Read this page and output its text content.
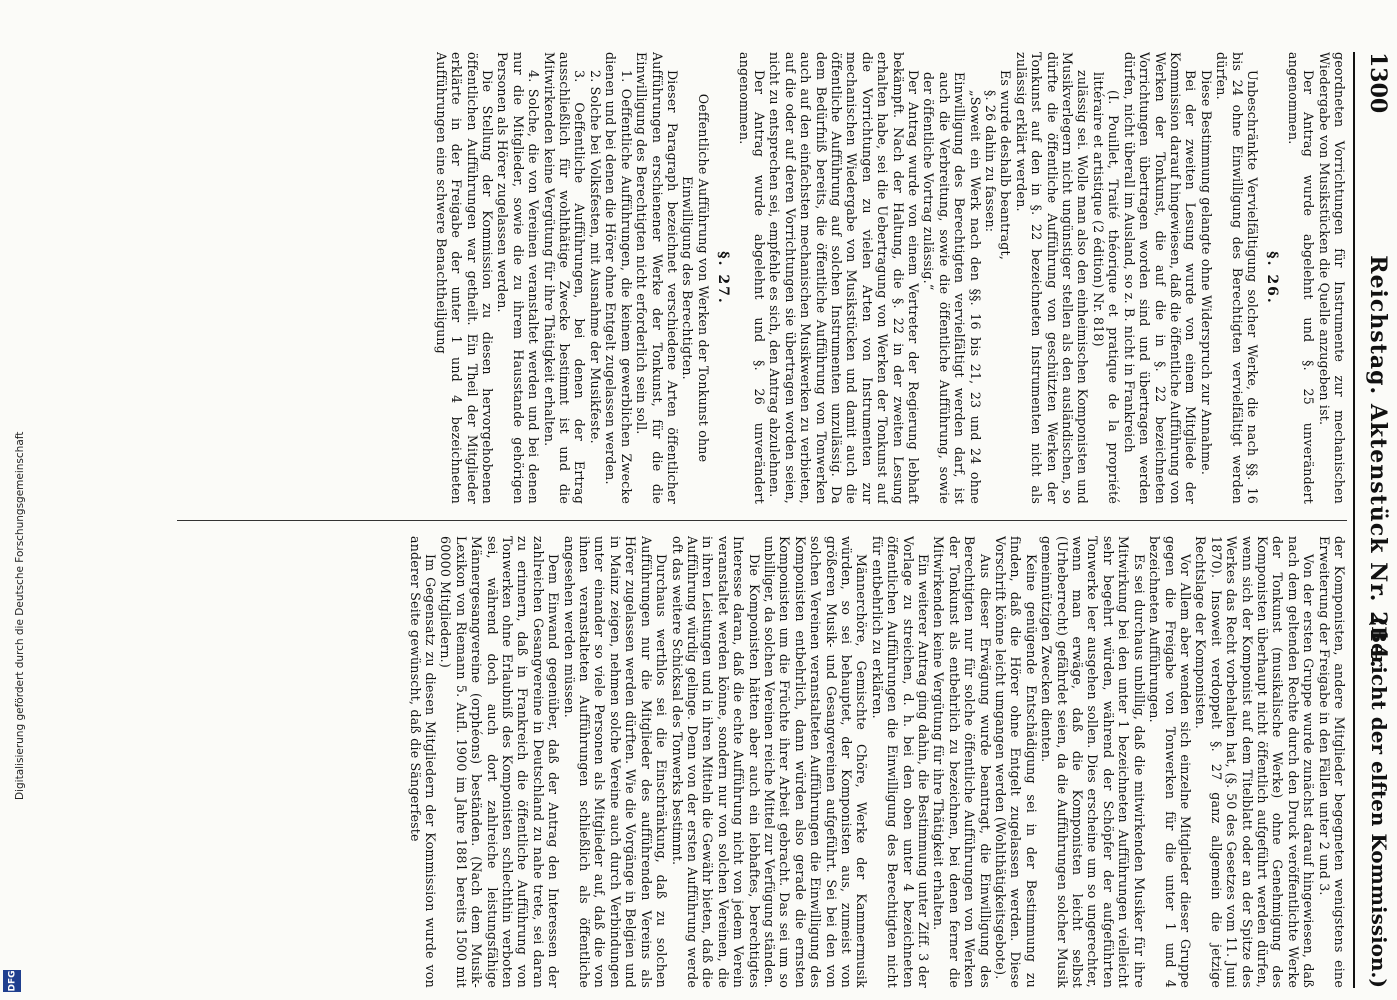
1300
Reichstag. Aktenstück Nr. 214.
(Bericht der elften Kommission.)

geordneten Vorrichtungen für Instrumente zur mechanischen Wiedergabe von Musikstücken die Quelle anzugeben ist.

Der Antrag wurde abgelehnt und §. 25 unverändert angenommen.

§. 26.

Unbeschränkte Vervielfältigung solcher Werke, die nach §§. 16 bis 24 ohne Einwilligung des Berechtigten vervielfältigt werden dürfen.

Diese Bestimmung gelangte ohne Widerspruch zur Annahme.

Bei der zweiten Lesung wurde von einem Mitgliede der Kommission darauf hingewiesen, daß die öffentliche Aufführung von Werken der Tonkunst, die auf die in §. 22 bezeichneten Vorrichtungen übertragen worden sind und übertragen werden dürfen, nicht überall im Ausland, so z. B. nicht in Frankreich

(I. Pouillet, Traité théorique et pratique de la propriété littéraire et artistique (2 édition) Nr. 818)

zulässig sei. Wolle man also den einheimischen Komponisten und Musikverlegern nicht ungünstiger stellen als den ausländischen, so dürfte die öffentliche Aufführung von geschützten Werken der Tonkunst auf den in §. 22 bezeichneten Instrumenten nicht als zulässig erklärt werden.

Es wurde deshalb beantragt,

§. 26 dahin zu fassen:

„Soweit ein Werk nach den §§. 16 bis 21, 23 und 24 ohne Einwilligung des Berechtigten vervielfältigt werden darf, ist auch die Verbreitung, sowie die öffentliche Aufführung, sowie der öffentliche Vortrag zulässig.“

Der Antrag wurde von einem Vertreter der Regierung lebhaft bekämpft. Nach der Haltung, die §. 22 in der zweiten Lesung erhalten habe, sei die Uebertragung von Werken der Tonkunst auf die Vorrichtungen zu vielen Arten von Instrumenten zur mechanischen Wiedergabe von Musikstücken und damit auch die öffentliche Aufführung auf solchen Instrumenten unzulässig. Da dem Bedürfniß bereits, die öffentliche Aufführung von Tonwerken auch auf den einfachsten mechanischen Musikwerken zu verbieten, auf die oder auf deren Vorrichtungen sie übertragen worden seien, nicht zu entsprechen sei, empfehle es sich, den Antrag abzulehnen.

Der Antrag wurde abgelehnt und §. 26 unverändert angenommen.

§. 27.

Oeffentliche Aufführung von Werken der Tonkunst ohne Einwilligung des Berechtigten.

Dieser Paragraph bezeichnet verschiedene Arten öffentlicher Aufführungen erschienener Werke der Tonkunst, für die die Einwilligung des Berechtigten nicht erforderlich sein soll.

1. Oeffentliche Aufführungen, die keinem gewerblichen Zwecke dienen und bei denen die Hörer ohne Entgelt zugelassen werden.

2. Solche bei Volksfesten, mit Ausnahme der Musikfeste.

3. Oeffentliche Aufführungen, bei denen der Ertrag ausschließlich für wohlthätige Zwecke bestimmt ist und die Mitwirkenden keine Vergütung für ihre Thätigkeit erhalten.

4. Solche, die von Vereinen veranstaltet werden und bei denen nur die Mitglieder, sowie die zu ihrem Hausstande gehörigen Personen als Hörer zugelassen werden.

Die Stellung der Kommission zu diesen hervorgehobenen öffentlichen Aufführungen war getheilt. Ein Theil der Mitglieder erklärte in der Freigabe der unter 1 und 4 bezeichneten Aufführungen eine schwere Benachtheiligung

der Komponisten, andere Mitglieder begegneten wenigstens eine Erweiterung der Freigabe in den Fällen unter 2 und 3.

Von der ersten Gruppe wurde zunächst darauf hingewiesen, daß nach dem geltenden Rechte durch den Druck veröffentlichte Werke der Tonkunst (musikalische Werke) ohne Genehmigung des Komponisten überhaupt nicht öffentlich aufgeführt werden dürfen, wenn sich der Komponist auf dem Titelblatt oder an der Spitze des Werkes das Recht vorbehalten hat, (§. 50 des Gesetzes vom 11. Juni 1870). Insoweit verdoppelt §. 27 ganz allgemein die jetzige Rechtslage der Komponisten.

Vor Allem aber wenden sich einzelne Mitglieder dieser Gruppe gegen die Freigabe von Tonwerken für die unter 1 und 4 bezeichneten Aufführungen.

Es sei durchaus unbillig, daß die mitwirkenden Musiker für ihre Mitwirkung bei den unter 1 bezeichneten Aufführungen vielleicht sehr begehrt würden, während der Schöpfer der aufgeführten Tonwerke leer ausgehen sollen. Dies erscheine um so ungerechter, wenn man erwäge, daß die Komponisten leicht selbst (Urheberrecht) gefährdet seien, da die Aufführungen solcher Musik gemeinnützigen Zwecken dienten.

Keine genügende Entschädigung sei in der Bestimmung zu finden, daß die Hörer ohne Entgelt zugelassen werden. Diese Vorschrift könne leicht umgangen werden (Wohlthätigkeitsgebote).

Aus dieser Erwägung wurde beantragt, die Einwilligung des Berechtigten nur für solche öffentliche Aufführungen von Werken der Tonkunst als entbehrlich zu bezeichnen, bei denen ferner die Mitwirkenden keine Vergütung für ihre Thätigkeit erhalten.

Ein weiterer Antrag ging dahin, die Bestimmung unter Ziff. 3 der Vorlage zu streichen, d. h. bei den oben unter 4 bezeichneten öffentlichen Aufführungen die Einwilligung des Berechtigten nicht für entbehrlich zu erklären.

Männerchöre, Gemischte Chöre, Werke der Kammermusik würden, so sei behauptet, der Komponisten aus, zumeist von größeren Musik- und Gesangvereinen aufgeführt. Sei bei den von solchen Vereinen veranstalteten Aufführungen die Einwilligung des Komponisten entbehrlich, dann würden also gerade die ernsten Komponisten um die Früchte ihrer Arbeit gebracht. Das sei um so unbilliger, da solchen Vereinen reiche Mittel zur Verfügung ständen.

Die Komponisten hätten aber auch ein lebhaftes, berechtigtes Interesse daran, daß die echte Aufführung nicht von jedem Verein veranstaltet werden könne, sondern nur von solchen Vereinen, die in ihren Leistungen und in ihren Mitteln die Gewähr bieten, daß die Aufführung würdig gelinge. Denn von der ersten Aufführung werde oft das weitere Schicksal des Tonwerks bestimmt.

Durchaus werthlos sei die Einschränkung, daß zu solchen Aufführungen nur die Mitglieder des aufführenden Vereins als Hörer zugelassen werden dürften. Wie die Vorgänge in Belgien und in Mainz zeigen, nehmen solche Vereine auch durch Verbindungen unter einander so viele Personen als Mitglieder auf, daß die von ihnen veranstalteten Aufführungen schließlich als öffentliche angesehen werden müssen.

Dem Einwand gegenüber, daß der Antrag den Interessen der zahlreichen Gesangvereine in Deutschland zu nahe trete, sei daran zu erinnern, daß in Frankreich die öffentliche Aufführung von Tonwerken ohne Erlaubniß des Komponisten schlechthin verboten sei, während doch auch dort zahlreiche leistungsfähige Männergesangvereine (orphéons) beständen. (Nach dem Musik-Lexikon von Riemann 5. Aufl. 1900 im Jahre 1881 bereits 1500 mit 60000 Mitgliedern.)

Im Gegensatz zu diesen Mitgliedern der Kommission wurde von anderer Seite gewünscht, daß die Sängerfeste

Digitalisierung gefördert durch die Deutsche Forschungsgemeinschaft
DFG
